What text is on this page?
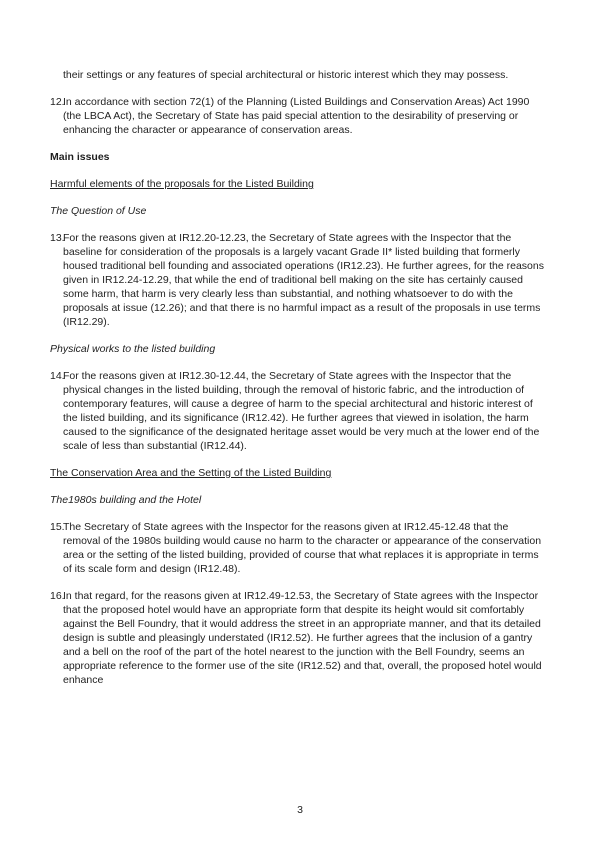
their settings or any features of special architectural or historic interest which they may possess.
12.
In accordance with section 72(1) of the Planning (Listed Buildings and Conservation Areas) Act 1990 (the LBCA Act), the Secretary of State has paid special attention to the desirability of preserving or enhancing the character or appearance of conservation areas.
Main issues
Harmful elements of the proposals for the Listed Building
The Question of Use
13.
For the reasons given at IR12.20-12.23, the Secretary of State agrees with the Inspector that the baseline for consideration of the proposals is a largely vacant Grade II* listed building that formerly housed traditional bell founding and associated operations (IR12.23). He further agrees, for the reasons given in IR12.24-12.29, that while the end of traditional bell making on the site has certainly caused some harm, that harm is very clearly less than substantial, and nothing whatsoever to do with the proposals at issue (12.26); and that there is no harmful impact as a result of the proposals in use terms (IR12.29).
Physical works to the listed building
14.
For the reasons given at IR12.30-12.44, the Secretary of State agrees with the Inspector that the physical changes in the listed building, through the removal of historic fabric, and the introduction of contemporary features, will cause a degree of harm to the special architectural and historic interest of the listed building, and its significance (IR12.42). He further agrees that viewed in isolation, the harm caused to the significance of the designated heritage asset would be very much at the lower end of the scale of less than substantial (IR12.44).
The Conservation Area and the Setting of the Listed Building
The1980s building and the Hotel
15.
The Secretary of State agrees with the Inspector for the reasons given at IR12.45-12.48 that the removal of the 1980s building would cause no harm to the character or appearance of the conservation area or the setting of the listed building, provided of course that what replaces it is appropriate in terms of its scale form and design (IR12.48).
16.
In that regard, for the reasons given at IR12.49-12.53, the Secretary of State agrees with the Inspector that the proposed hotel would have an appropriate form that despite its height would sit comfortably against the Bell Foundry, that it would address the street in an appropriate manner, and that its detailed design is subtle and pleasingly understated (IR12.52). He further agrees that the inclusion of a gantry and a bell on the roof of the part of the hotel nearest to the junction with the Bell Foundry, seems an appropriate reference to the former use of the site (IR12.52) and that, overall, the proposed hotel would enhance
3
